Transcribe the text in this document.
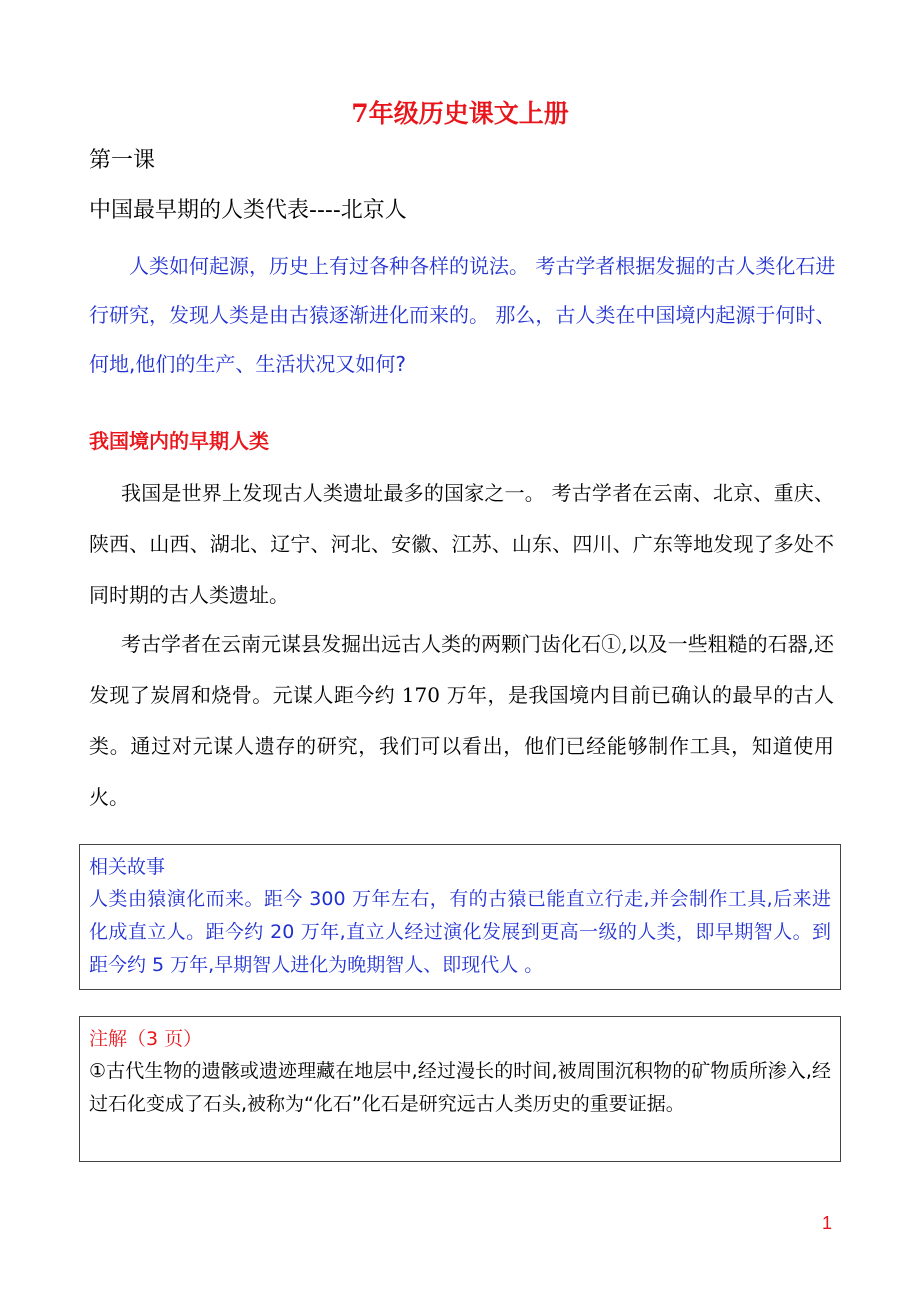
7年级历史课文上册
第一课
中国最早期的人类代表----北京人
人类如何起源，历史上有过各种各样的说法。 考古学者根据发掘的古人类化石进行研究，发现人类是由古猿逐渐进化而来的。 那么，古人类在中国境内起源于何时、何地,他们的生产、生活状况又如何?
我国境内的早期人类
我国是世界上发现古人类遗址最多的国家之一。 考古学者在云南、北京、重庆、陕西、山西、湖北、辽宁、河北、安徽、江苏、山东、四川、广东等地发现了多处不同时期的古人类遗址。
考古学者在云南元谋县发掘出远古人类的两颗门齿化石①,以及一些粗糙的石器,还发现了炭屑和烧骨。元谋人距今约 170 万年，是我国境内目前已确认的最早的古人类。通过对元谋人遗存的研究，我们可以看出，他们已经能够制作工具，知道使用火。
相关故事
人类由猿演化而来。距今 300 万年左右，有的古猿已能直立行走,并会制作工具,后来进化成直立人。距今约 20 万年,直立人经过演化发展到更高一级的人类，即早期智人。到距今约 5 万年,早期智人进化为晚期智人、即现代人 。
注解（3 页）
①古代生物的遗骸或遗迹理藏在地层中,经过漫长的时间,被周围沉积物的矿物质所渗入,经过石化变成了石头,被称为“化石”化石是研究远古人类历史的重要证据。
1
